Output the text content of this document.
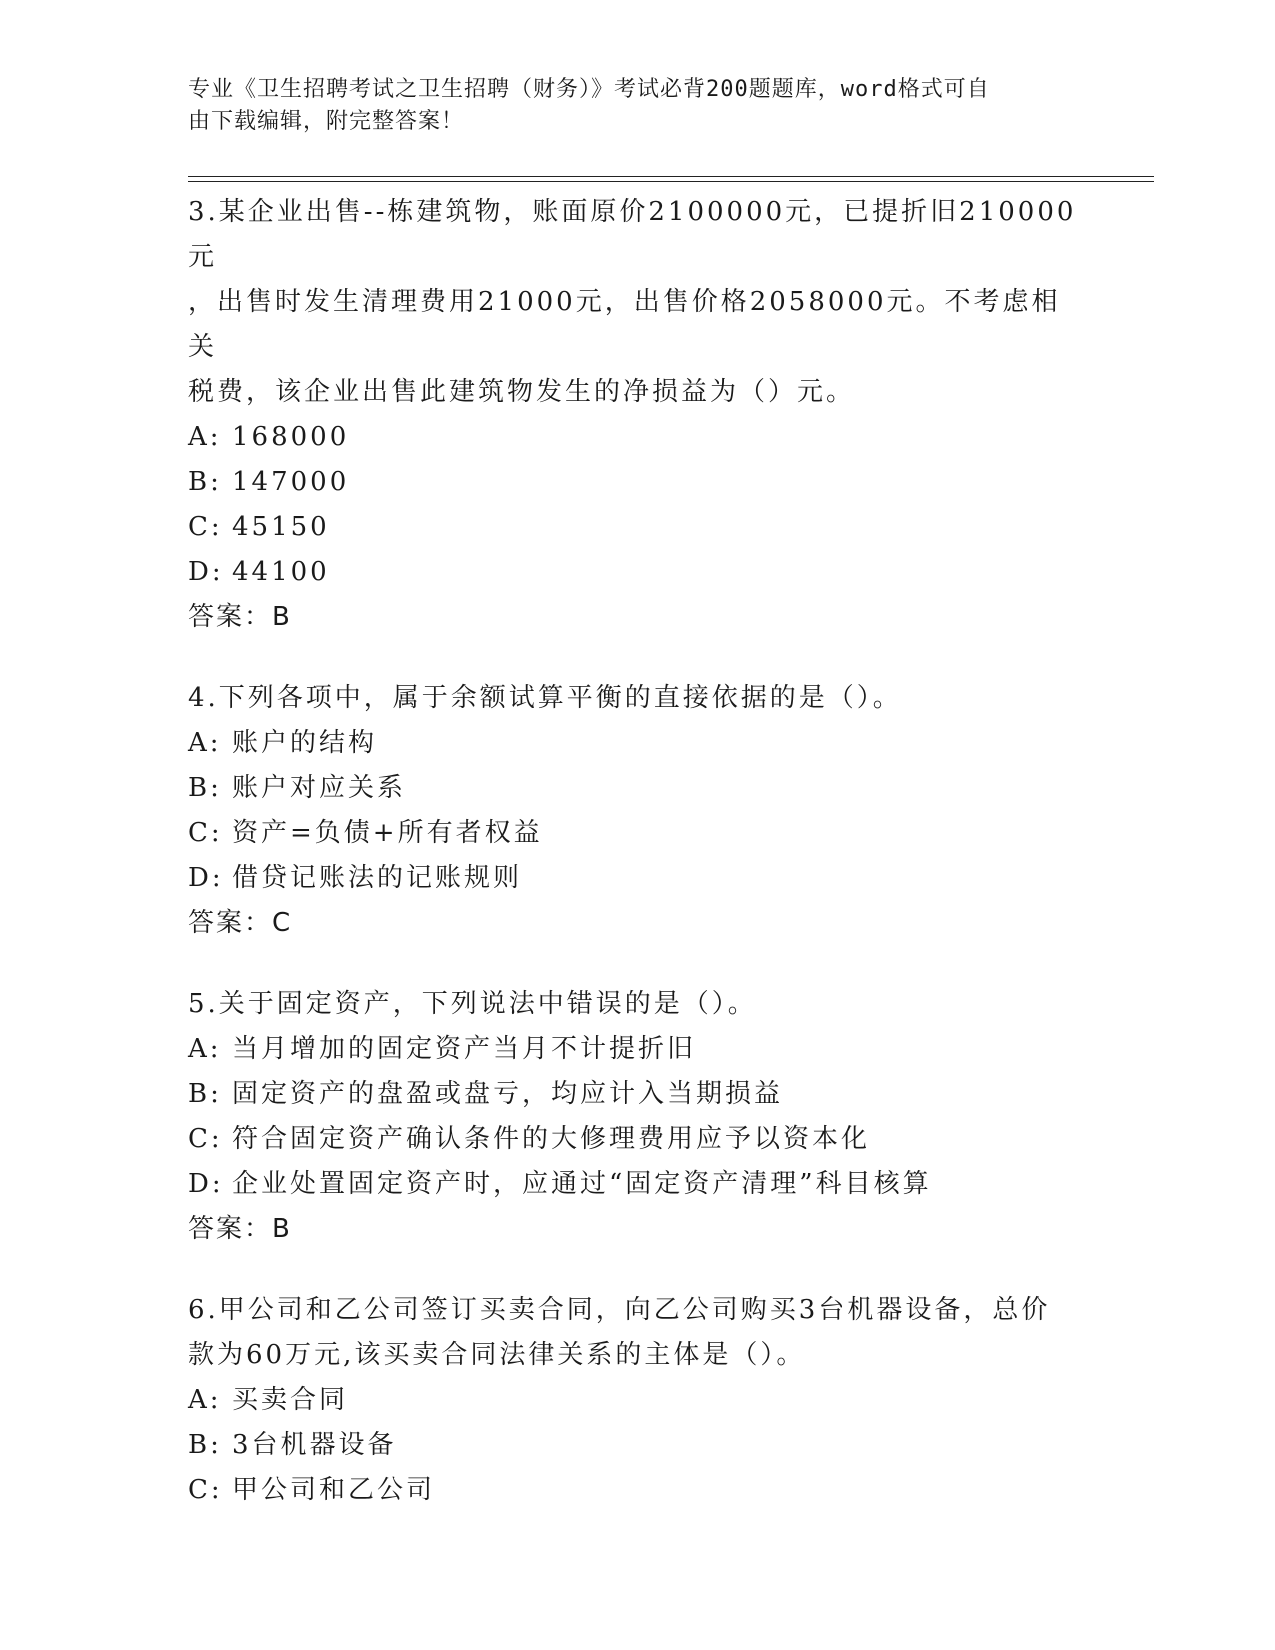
专业《卫生招聘考试之卫生招聘（财务）》考试必背200题题库，word格式可自
由下载编辑，附完整答案！

3.某企业出售--栋建筑物，账面原价2100000元，已提折旧210000元

，出售时发生清理费用21000元，出售价格2058000元。不考虑相关

税费，该企业出售此建筑物发生的净损益为（）元。

A: 168000

B: 147000

C: 45150

D: 44100

答案：B

4.下列各项中，属于余额试算平衡的直接依据的是（）。

A: 账户的结构

B: 账户对应关系

C: 资产=负债+所有者权益

D: 借贷记账法的记账规则

答案：C

5.关于固定资产，下列说法中错误的是（）。

A: 当月增加的固定资产当月不计提折旧

B: 固定资产的盘盈或盘亏，均应计入当期损益

C: 符合固定资产确认条件的大修理费用应予以资本化

D: 企业处置固定资产时，应通过“固定资产清理”科目核算

答案：B

6.甲公司和乙公司签订买卖合同，向乙公司购买3台机器设备，总价

款为60万元,该买卖合同法律关系的主体是（）。

A: 买卖合同

B: 3台机器设备

C: 甲公司和乙公司
